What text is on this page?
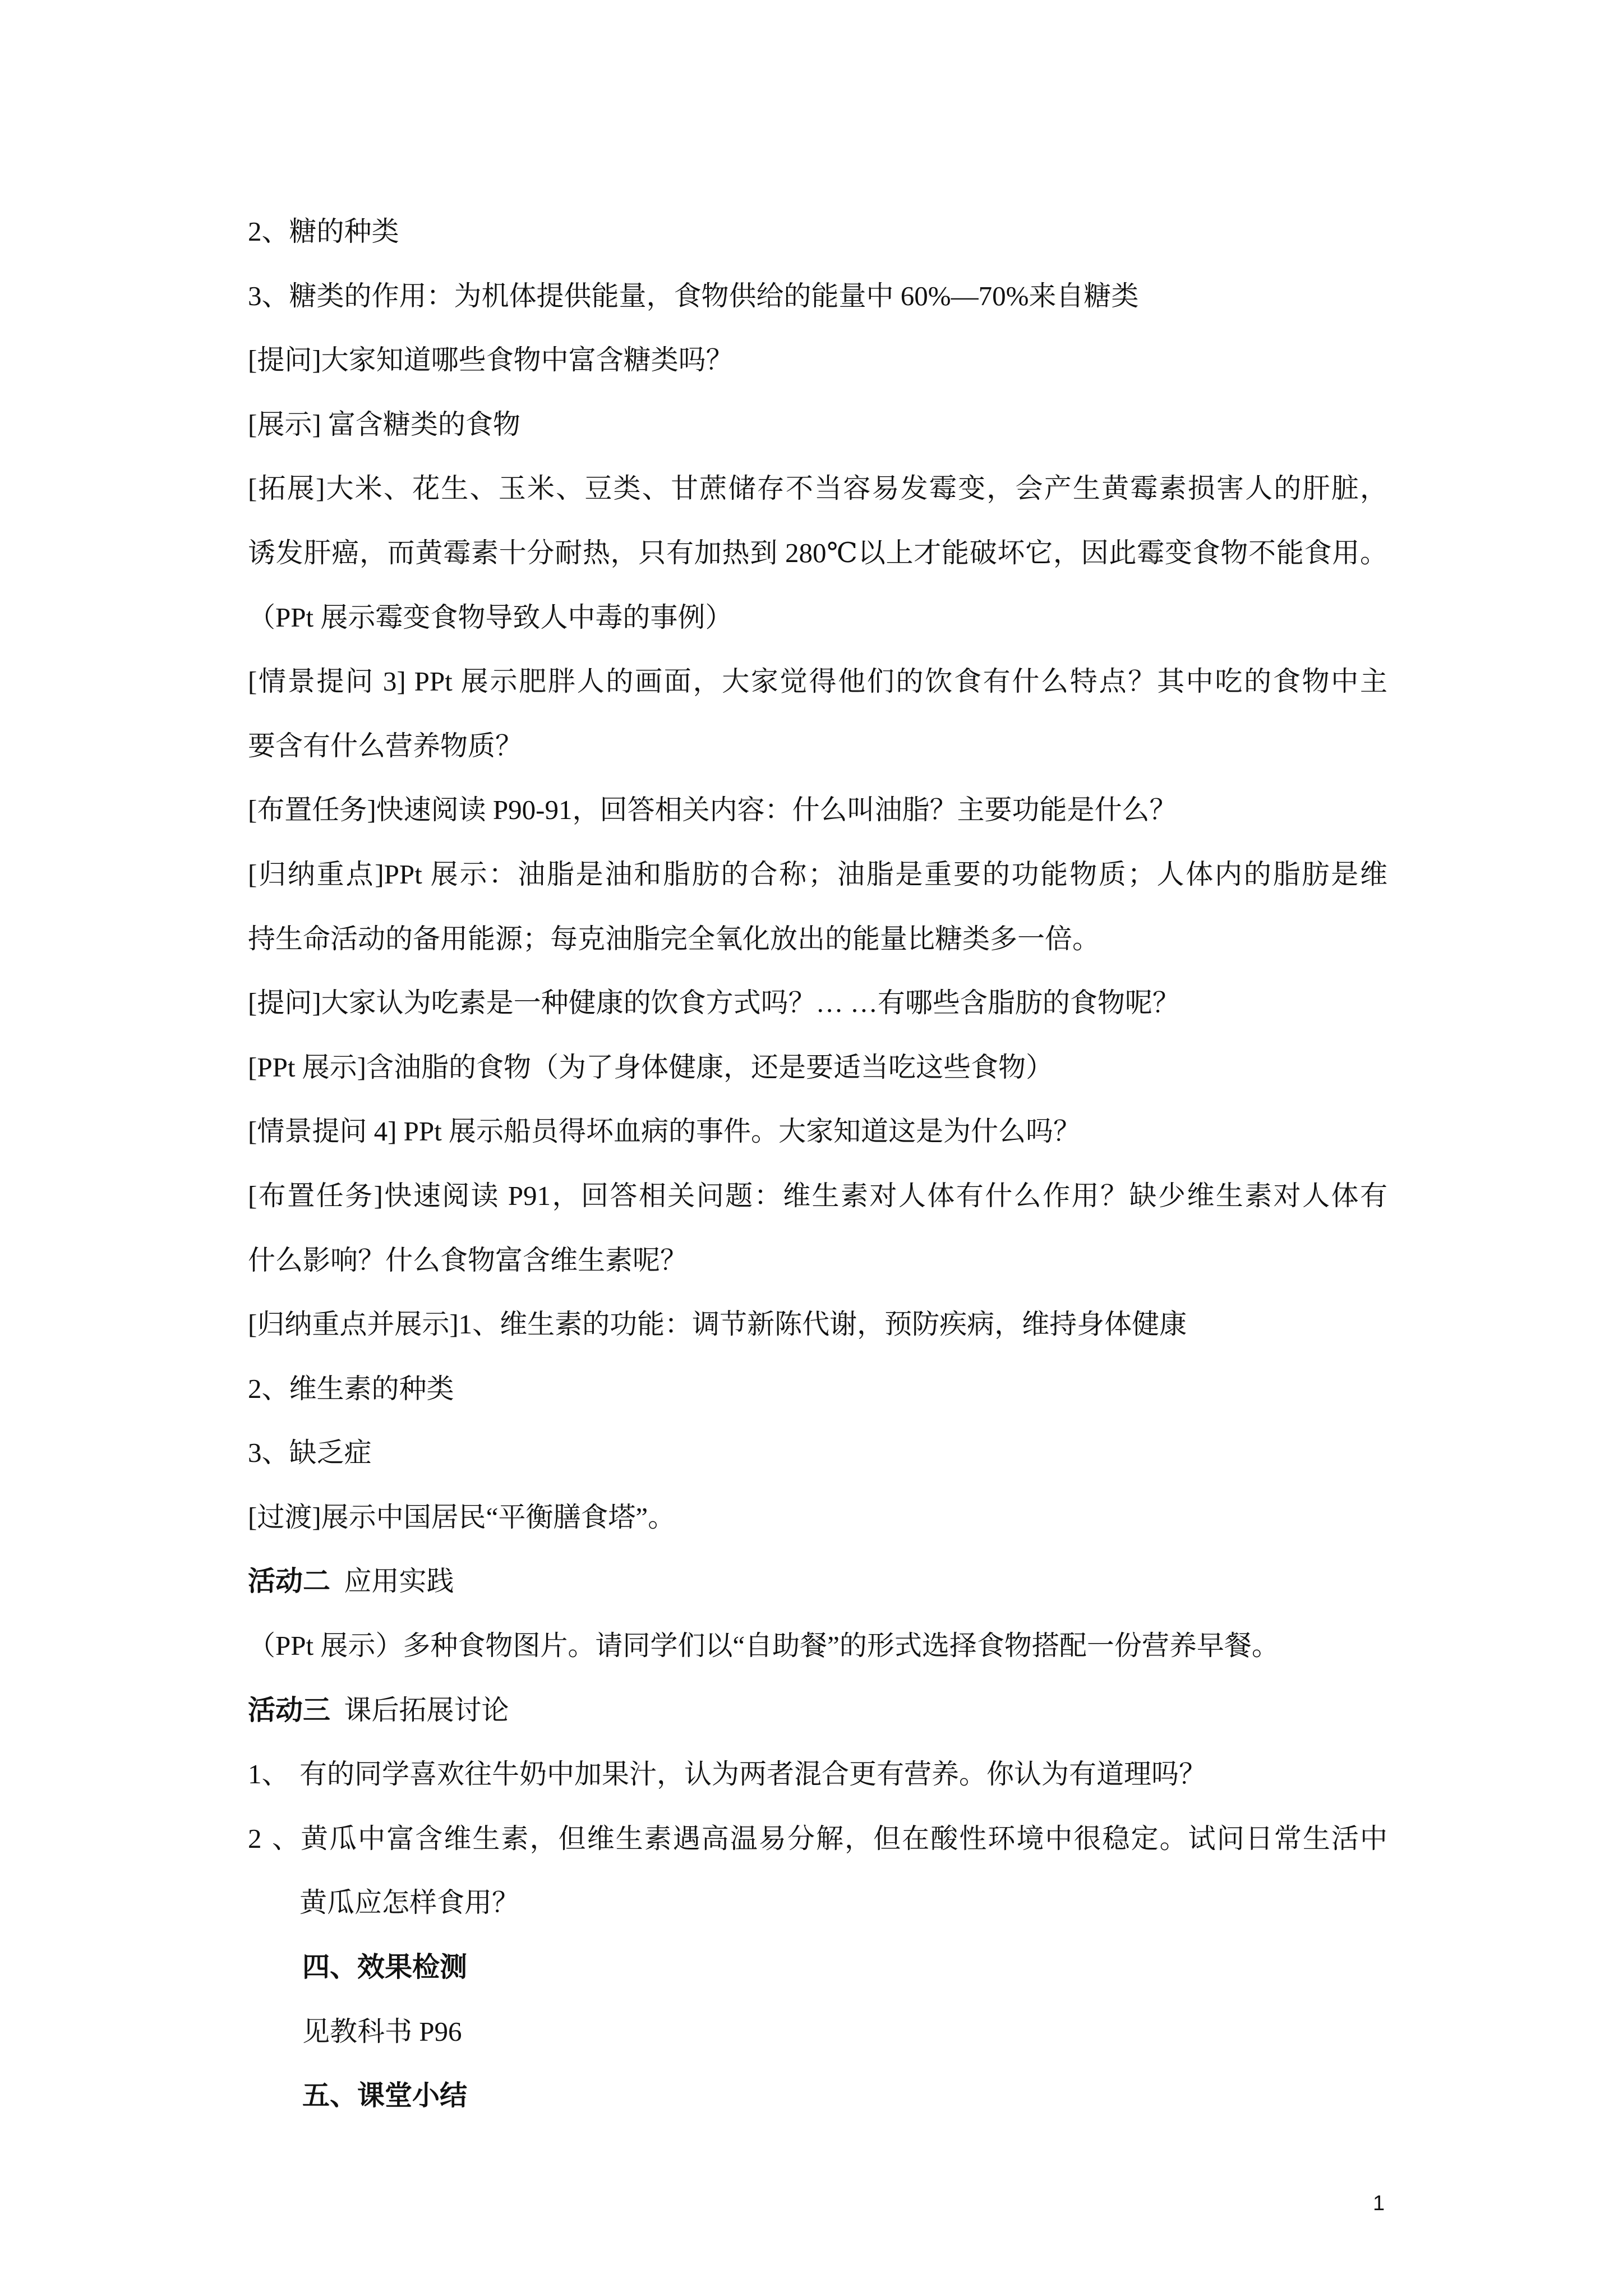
2、糖的种类
3、糖类的作用：为机体提供能量，食物供给的能量中 60%—70%来自糖类
[提问]大家知道哪些食物中富含糖类吗？
[展示] 富含糖类的食物
[拓展]大米、花生、玉米、豆类、甘蔗储存不当容易发霉变，会产生黄霉素损害人的肝脏，
诱发肝癌，而黄霉素十分耐热，只有加热到 280℃以上才能破坏它，因此霉变食物不能食用。
（PPt 展示霉变食物导致人中毒的事例）
[情景提问 3] PPt 展示肥胖人的画面，大家觉得他们的饮食有什么特点？其中吃的食物中主
要含有什么营养物质？
[布置任务]快速阅读 P90-91，回答相关内容：什么叫油脂？主要功能是什么？
[归纳重点]PPt 展示：油脂是油和脂肪的合称；油脂是重要的功能物质；人体内的脂肪是维
持生命活动的备用能源；每克油脂完全氧化放出的能量比糖类多一倍。
[提问]大家认为吃素是一种健康的饮食方式吗？… …有哪些含脂肪的食物呢？
[PPt 展示]含油脂的食物（为了身体健康，还是要适当吃这些食物）
[情景提问 4] PPt 展示船员得坏血病的事件。大家知道这是为什么吗？
[布置任务]快速阅读 P91，回答相关问题：维生素对人体有什么作用？缺少维生素对人体有
什么影响？什么食物富含维生素呢？
[归纳重点并展示]1、维生素的功能：调节新陈代谢，预防疾病，维持身体健康
2、维生素的种类
3、缺乏症
[过渡]展示中国居民“平衡膳食塔”。
活动二 应用实践
（PPt 展示）多种食物图片。请同学们以“自助餐”的形式选择食物搭配一份营养早餐。
活动三 课后拓展讨论
1、 有的同学喜欢往牛奶中加果汁，认为两者混合更有营养。你认为有道理吗？
2、黄瓜中富含维生素，但维生素遇高温易分解，但在酸性环境中很稳定。试问日常生活中
黄瓜应怎样食用？
四、效果检测
见教科书 P96
五、课堂小结
1
